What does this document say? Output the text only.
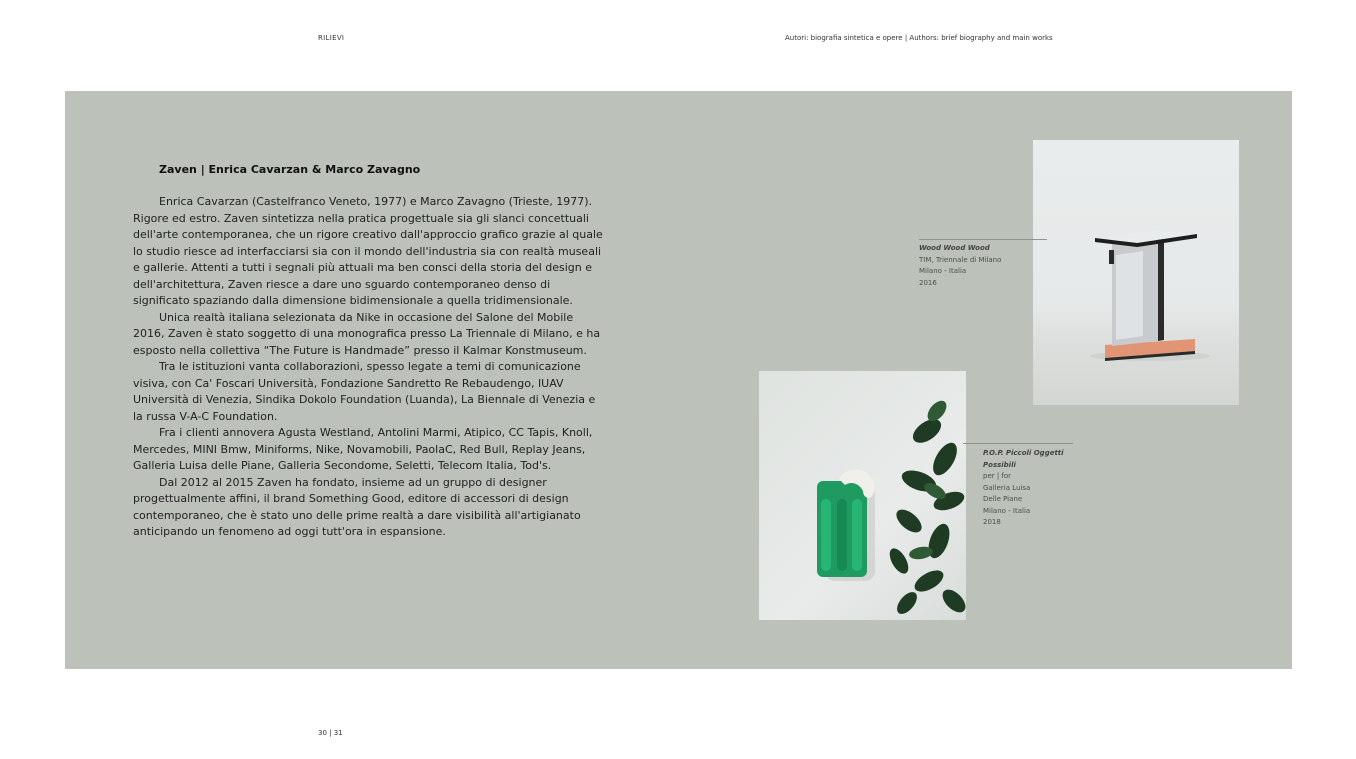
RILIEVI	Autori: biografia sintetica e opere | Authors: brief biography and main works
Zaven | Enrica Cavarzan & Marco Zavagno

Enrica Cavarzan (Castelfranco Veneto, 1977) e Marco Zavagno (Trieste, 1977). Rigore ed estro. Zaven sintetizza nella pratica progettuale sia gli slanci concettuali dell'arte contemporanea, che un rigore creativo dall'approccio grafico grazie al quale lo studio riesce ad interfacciarsi sia con il mondo dell'industria sia con realtà museali e gallerie. Attenti a tutti i segnali più attuali ma ben consci della storia del design e dell'architettura, Zaven riesce a dare uno sguardo contemporaneo denso di significato spaziando dalla dimensione bidimensionale a quella tridimensionale.

Unica realtà italiana selezionata da Nike in occasione del Salone del Mobile 2016, Zaven è stato soggetto di una monografica presso La Triennale di Milano, e ha esposto nella collettiva “The Future is Handmade” presso il Kalmar Konstmuseum.

Tra le istituzioni vanta collaborazioni, spesso legate a temi di comunicazione visiva, con Ca' Foscari Università, Fondazione Sandretto Re Rebaudengo, IUAV Università di Venezia, Sindika Dokolo Foundation (Luanda), La Biennale di Venezia e la russa V-A-C Foundation.

Fra i clienti annovera Agusta Westland, Antolini Marmi, Atipico, CC Tapis, Knoll, Mercedes, MINI Bmw, Miniforms, Nike, Novamobili, PaolaC, Red Bull, Replay Jeans, Galleria Luisa delle Piane, Galleria Secondome, Seletti, Telecom Italia, Tod's.

Dal 2012 al 2015 Zaven ha fondato, insieme ad un gruppo di designer progettualmente affini, il brand Something Good, editore di accessori di design contemporaneo, che è stato uno delle prime realtà a dare visibilità all'artigianato anticipando un fenomeno ad oggi tutt'ora in espansione.

Wood Wood Wood
TIM, Triennale di Milano
Milano - Italia
2016
P.O.P. Piccoli Oggetti
Possibili
per | for
Galleria Luisa
Delle Piane
Milano - Italia
2018
30 | 31
